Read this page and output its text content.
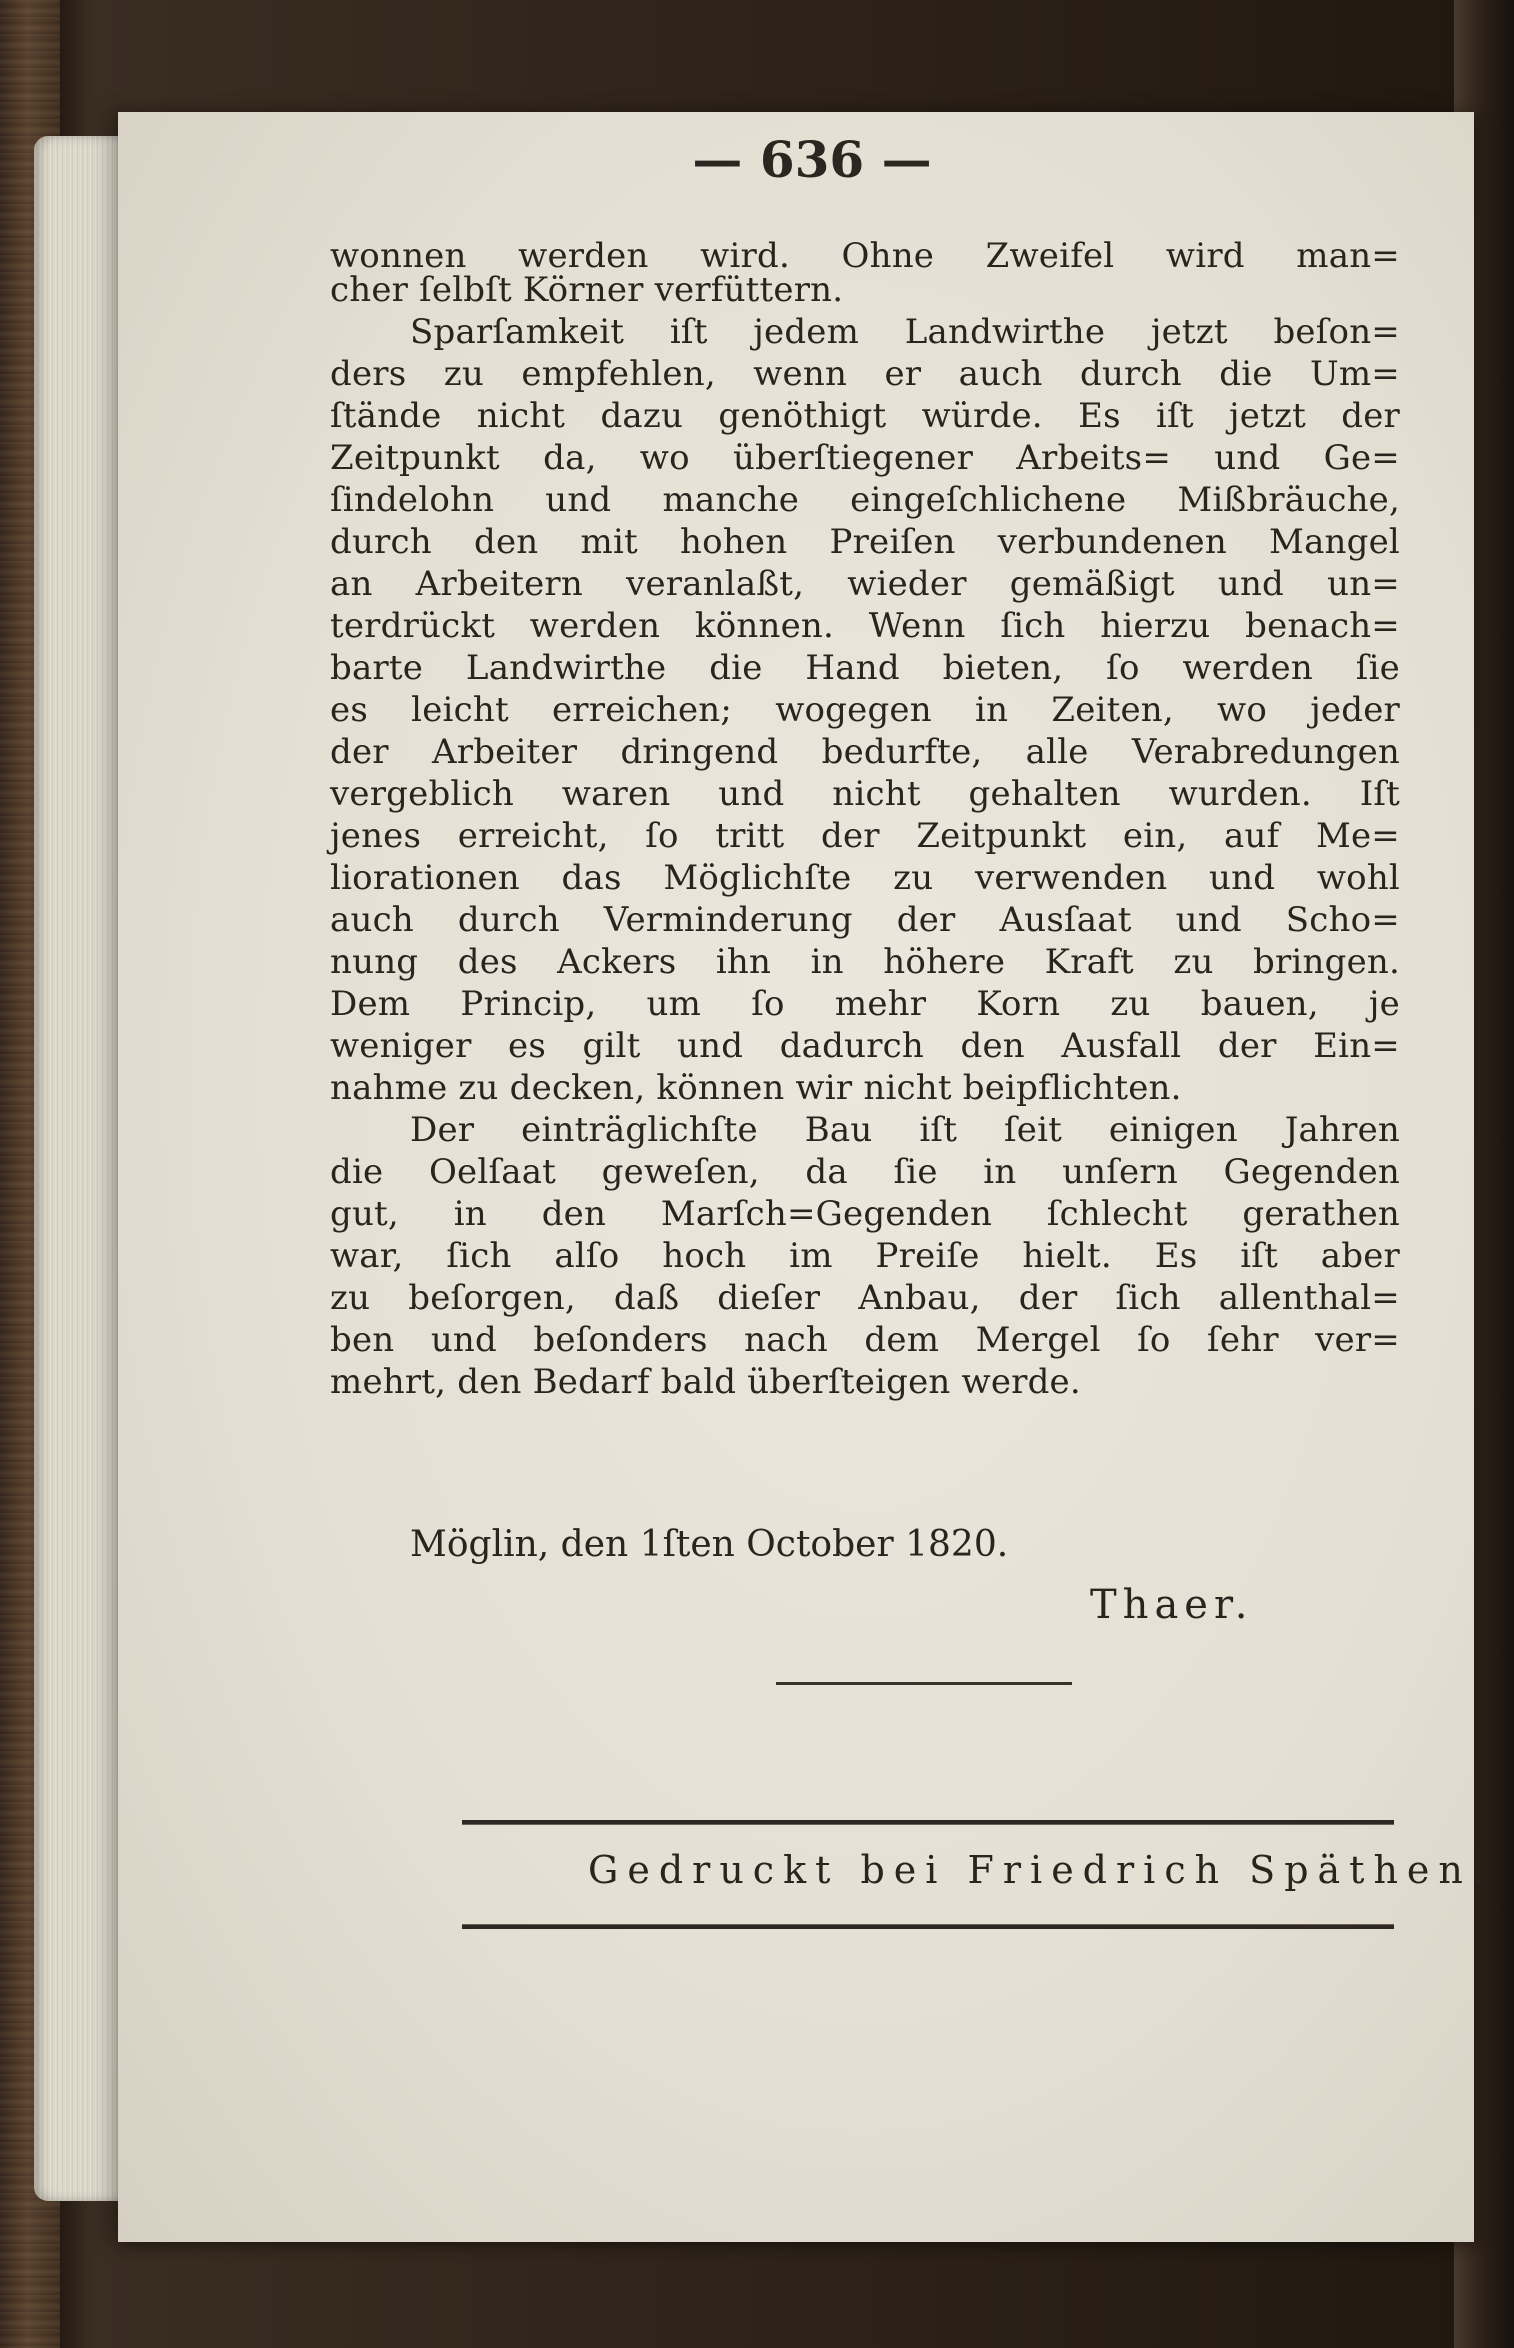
— 636 —
wonnen werden wird. Ohne Zweifel wird man=
cher ſelbſt Körner verfüttern.
Sparſamkeit iſt jedem Landwirthe jetzt beſon=
ders zu empfehlen, wenn er auch durch die Um=
ſtände nicht dazu genöthigt würde. Es iſt jetzt der
Zeitpunkt da, wo überſtiegener Arbeits= und Ge=
ſindelohn und manche eingeſchlichene Mißbräuche,
durch den mit hohen Preiſen verbundenen Mangel
an Arbeitern veranlaßt, wieder gemäßigt und un=
terdrückt werden können. Wenn ſich hierzu benach=
barte Landwirthe die Hand bieten, ſo werden ſie
es leicht erreichen; wogegen in Zeiten, wo jeder
der Arbeiter dringend bedurfte, alle Verabredungen
vergeblich waren und nicht gehalten wurden. Iſt
jenes erreicht, ſo tritt der Zeitpunkt ein, auf Me=
liorationen das Möglichſte zu verwenden und wohl
auch durch Verminderung der Ausſaat und Scho=
nung des Ackers ihn in höhere Kraft zu bringen.
Dem Princip, um ſo mehr Korn zu bauen, je
weniger es gilt und dadurch den Ausfall der Ein=
nahme zu decken, können wir nicht beipflichten.
Der einträglichſte Bau iſt ſeit einigen Jahren
die Oelſaat geweſen, da ſie in unſern Gegenden
gut, in den Marſch=Gegenden ſchlecht gerathen
war, ſich alſo hoch im Preiſe hielt. Es iſt aber
zu beſorgen, daß dieſer Anbau, der ſich allenthal=
ben und beſonders nach dem Mergel ſo ſehr ver=
mehrt, den Bedarf bald überſteigen werde.
Möglin, den 1ſten October 1820.
Thaer.
Gedruckt bei Friedrich Späthen.
